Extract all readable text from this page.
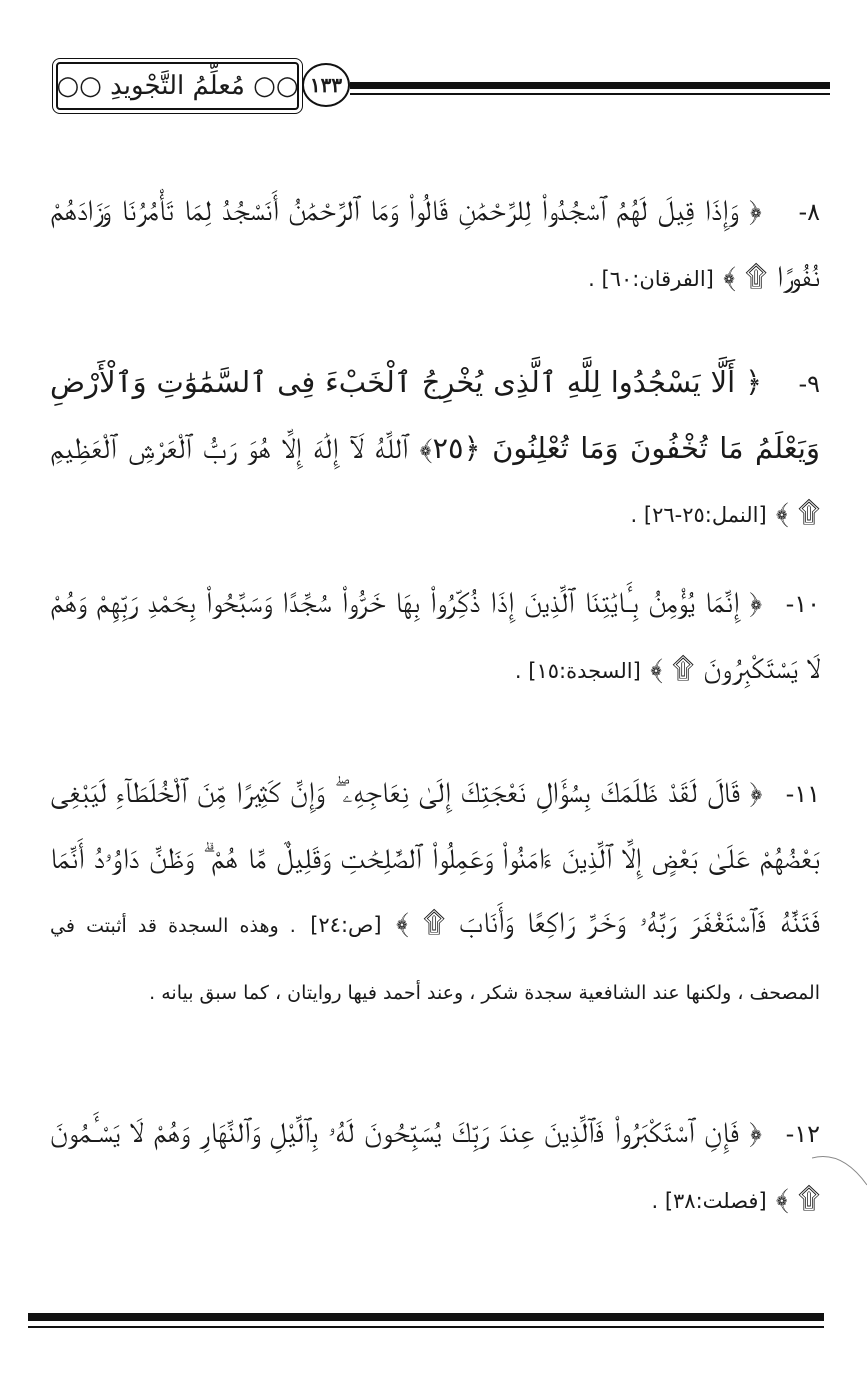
○○ مُعلِّمُ التَّجْويدِ ○○ ١٣٣
٨- ﴿ وَإِذَا قِيلَ لَهُمُ ٱسْجُدُواْ لِلرَّحْمَٰنِ قَالُواْ وَمَا ٱلرَّحْمَٰنُ أَنَسْجُدُ لِمَا تَأْمُرُنَا وَزَادَهُمْ نُفُورًا ۩ ﴾ [الفرقان:٦٠] .
٩- ﴿ أَلَّا يَسْجُدُوا لِلَّهِ ٱلَّذِى يُخْرِجُ ٱلْخَبْءَ فِى ٱلسَّمَٰوَٰتِ وَٱلْأَرْضِ وَيَعْلَمُ مَا تُخْفُونَ وَمَا تُعْلِنُونَ ﴿٢٥﴾ ٱللَّهُ لَآ إِلَٰهَ إِلَّا هُوَ رَبُّ ٱلْعَرْشِ ٱلْعَظِيمِ ۩ ﴾ [النمل:٢٥-٢٦] .
١٠- ﴿ إِنَّمَا يُؤْمِنُ بِـَٔايَٰتِنَا ٱلَّذِينَ إِذَا ذُكِّرُواْ بِهَا خَرُّواْ سُجَّدًا وَسَبَّحُواْ بِحَمْدِ رَبِّهِمْ وَهُمْ لَا يَسْتَكْبِرُونَ ۩ ﴾ [السجدة:١٥] .
١١- ﴿ قَالَ لَقَدْ ظَلَمَكَ بِسُؤَالِ نَعْجَتِكَ إِلَىٰ نِعَاجِهِۦ ۖ وَإِنَّ كَثِيرًا مِّنَ ٱلْخُلَطَآءِ لَيَبْغِى بَعْضُهُمْ عَلَىٰ بَعْضٍ إِلَّا ٱلَّذِينَ ءَامَنُواْ وَعَمِلُواْ ٱلصَّٰلِحَٰتِ وَقَلِيلٌ مَّا هُمْ ۗ وَظَنَّ دَاوُۥدُ أَنَّمَا فَتَنَّٰهُ فَٱسْتَغْفَرَ رَبَّهُۥ وَخَرَّ رَاكِعًا وَأَنَابَ ۩ ﴾ [ص:٢٤] . وهذه السجدة قد أثبتت في المصحف ، ولكنها عند الشافعية سجدة شكر ، وعند أحمد فيها روايتان ، كما سبق بيانه .
١٢- ﴿ فَإِنِ ٱسْتَكْبَرُواْ فَٱلَّذِينَ عِندَ رَبِّكَ يُسَبِّحُونَ لَهُۥ بِٱلَّيْلِ وَٱلنَّهَارِ وَهُمْ لَا يَسْـَٔمُونَ ۩ ﴾ [فصلت:٣٨] .
